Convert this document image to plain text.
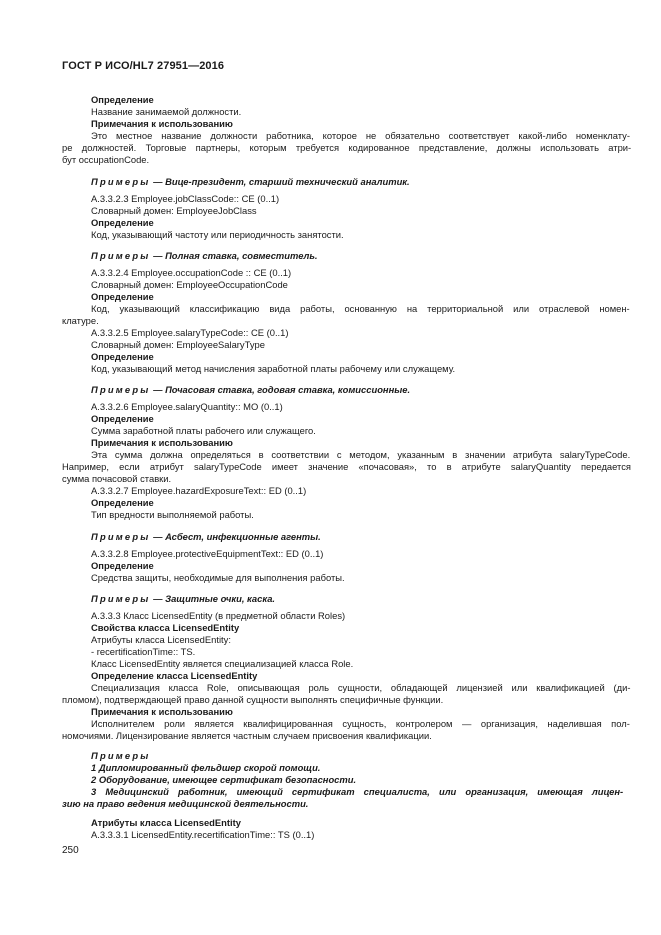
ГОСТ Р ИСО/HL7 27951—2016
Определение
Название занимаемой должности.
Примечания к использованию
Это местное название должности работника, которое не обязательно соответствует какой-либо номенклату-
ре должностей. Торговые партнеры, которым требуется кодированное представление, должны использовать атри-
бут occupationCode.
Примеры — Вице-президент, старший технический аналитик.
А.3.3.2.3 Employee.jobClassCode:: CE (0..1)
Словарный домен: EmployeeJobClass
Определение
Код, указывающий частоту или периодичность занятости.
Примеры — Полная ставка, совместитель.
А.3.3.2.4 Employee.occupationCode :: CE (0..1)
Словарный домен: EmployeeOccupationCode
Определение
Код, указывающий классификацию вида работы, основанную на территориальной или отраслевой номен-
клатуре.
А.3.3.2.5 Employee.salaryTypeCode:: CE (0..1)
Словарный домен: EmployeeSalaryType
Определение
Код, указывающий метод начисления заработной платы рабочему или служащему.
Примеры — Почасовая ставка, годовая ставка, комиссионные.
А.3.3.2.6 Employee.salaryQuantity:: MO (0..1)
Определение
Сумма заработной платы рабочего или служащего.
Примечания к использованию
Эта сумма должна определяться в соответствии с методом, указанным в значении атрибута salaryTypeCode.
Например, если атрибут salaryTypeCode имеет значение «почасовая», то в атрибуте salaryQuantity передается
сумма почасовой ставки.
А.3.3.2.7 Employee.hazardExposureText:: ED (0..1)
Определение
Тип вредности выполняемой работы.
Примеры — Асбест, инфекционные агенты.
А.3.3.2.8 Employee.protectiveEquipmentText:: ED (0..1)
Определение
Средства защиты, необходимые для выполнения работы.
Примеры — Защитные очки, каска.
А.3.3.3 Класс LicensedEntity (в предметной области Roles)
Свойства класса LicensedEntity
Атрибуты класса LicensedEntity:
- recertificationTime:: TS.
Класс LicensedEntity является специализацией класса Role.
Определение класса LicensedEntity
Специализация класса Role, описывающая роль сущности, обладающей лицензией или квалификацией (ди-
пломом), подтверждающей право данной сущности выполнять специфичные функции.
Примечания к использованию
Исполнителем роли является квалифицированная сущность, контролером — организация, наделившая пол-
номочиями. Лицензирование является частным случаем присвоения квалификации.
Примеры
1 Дипломированный фельдшер скорой помощи.
2 Оборудование, имеющее сертификат безопасности.
3 Медицинский работник, имеющий сертификат специалиста, или организация, имеющая лицен-
зию на право ведения медицинской деятельности.
Атрибуты класса LicensedEntity
А.3.3.3.1 LicensedEntity.recertificationTime:: TS (0..1)
250
